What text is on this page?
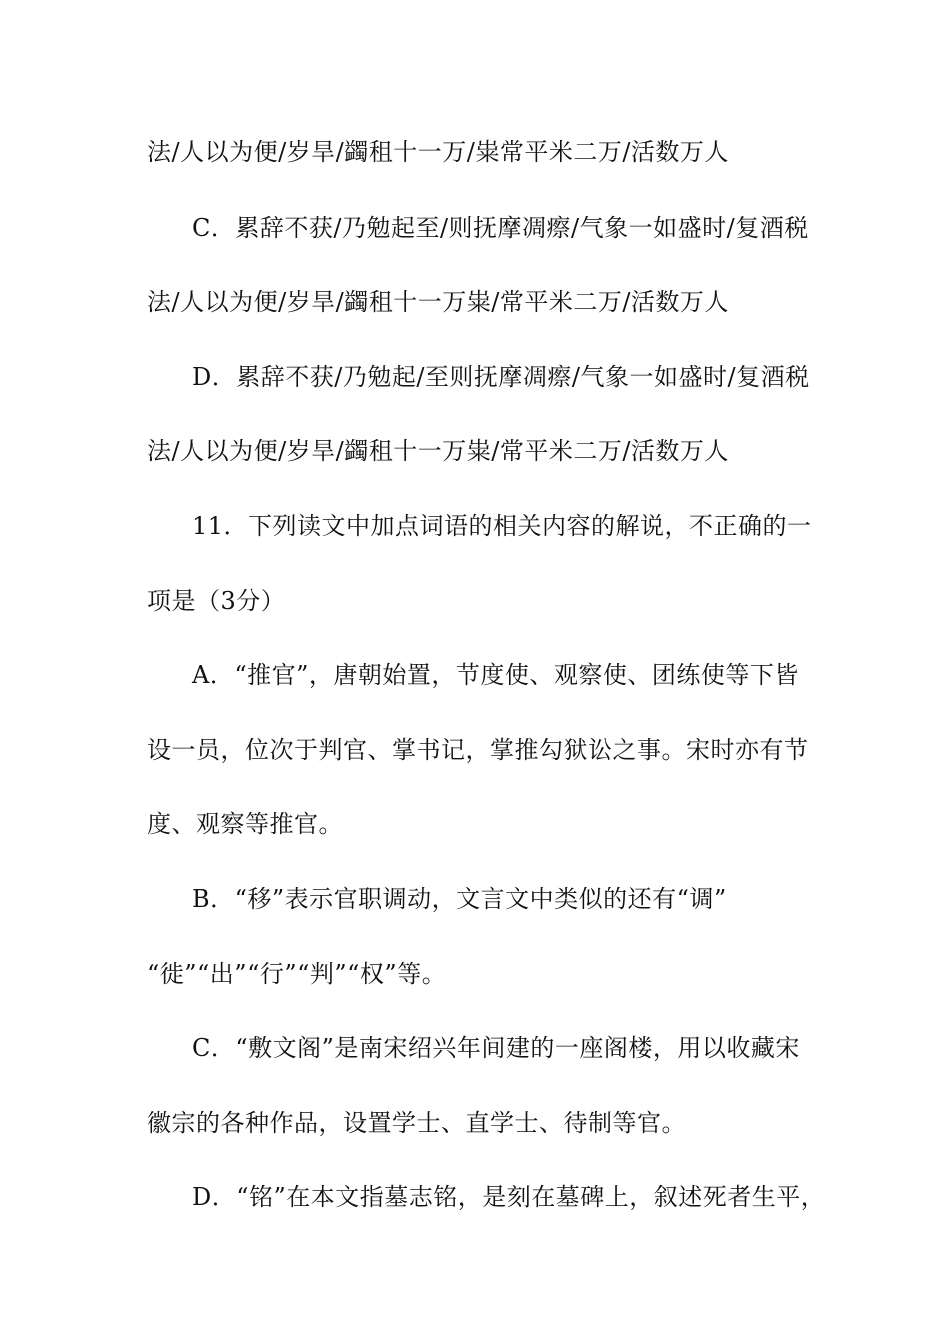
法/人以为便/岁旱/蠲租十一万/粜常平米二万/活数万人
C．累辞不获/乃勉起至/则抚摩凋瘵/气象一如盛时/复酒税
法/人以为便/岁旱/蠲租十一万粜/常平米二万/活数万人
D．累辞不获/乃勉起/至则抚摩凋瘵/气象一如盛时/复酒税
法/人以为便/岁旱/蠲租十一万粜/常平米二万/活数万人
11．下列读文中加点词语的相关内容的解说，不正确的一
项是（3分）
A．“推官”，唐朝始置，节度使、观察使、团练使等下皆
设一员，位次于判官、掌书记，掌推勾狱讼之事。宋时亦有节
度、观察等推官。
B．“移”表示官职调动，文言文中类似的还有“调”
“徙”“出”“行”“判”“权”等。
C．“敷文阁”是南宋绍兴年间建的一座阁楼，用以收藏宋
徽宗的各种作品，设置学士、直学士、待制等官。
D．“铭”在本文指墓志铭，是刻在墓碑上，叙述死者生平，
